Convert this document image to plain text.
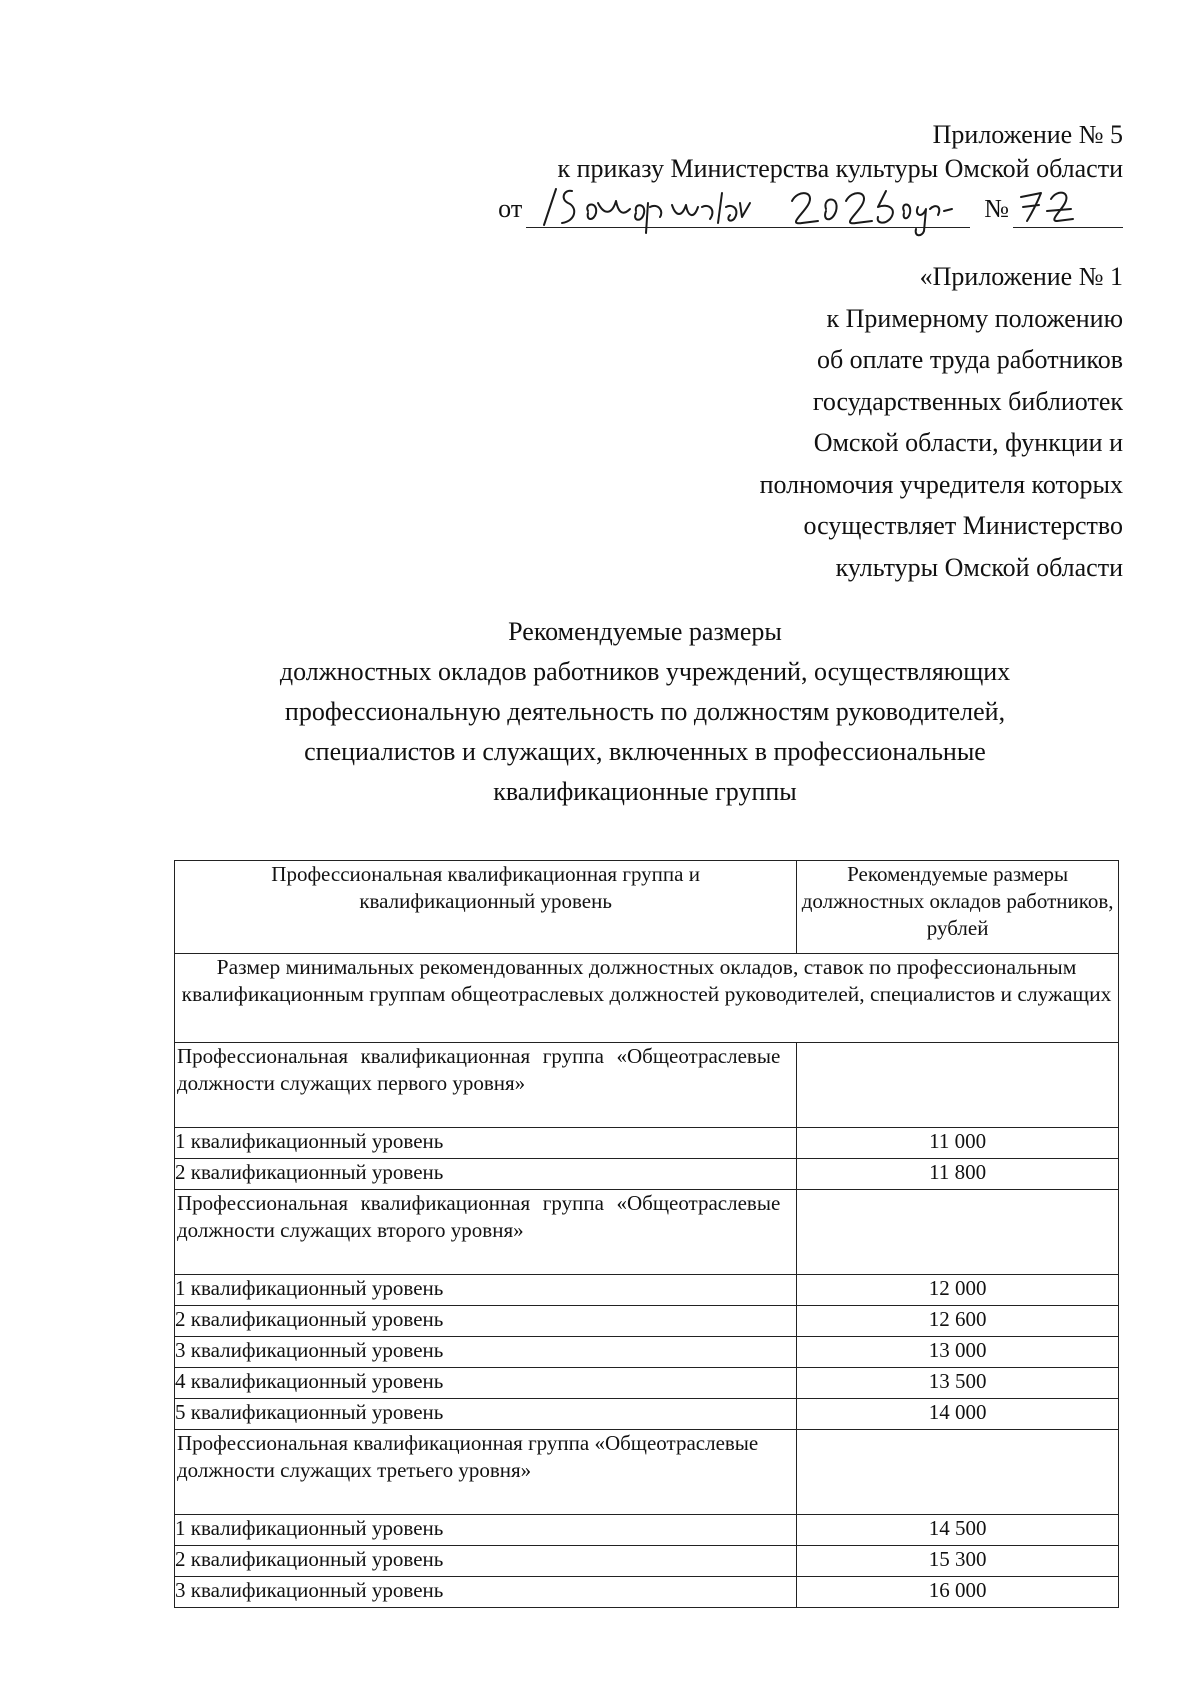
Приложение № 5
к приказу Министерства культуры Омской области
от	№
«Приложение № 1
к Примерному положению
об оплате труда работников
государственных библиотек
Омской области, функции и
полномочия учредителя которых
осуществляет Министерство
культуры Омской области
Рекомендуемые размеры
должностных окладов работников учреждений, осуществляющих
профессиональную деятельность по должностям руководителей,
специалистов и служащих, включенных в профессиональные
квалификационные группы
Профессиональная квалификационная группа и квалификационный уровень	Рекомендуемые размеры должностных окладов работников, рублей
Размер минимальных рекомендованных должностных окладов, ставок по профессиональным квалификационным группам общеотраслевых должностей руководителей, специалистов и служащих	
Профессиональная квалификационная группа «Общеотраслевые должности служащих первого уровня»	
1 квалификационный уровень	11 000
2 квалификационный уровень	11 800
Профессиональная квалификационная группа «Общеотраслевые должности служащих второго уровня»	
1 квалификационный уровень	12 000
2 квалификационный уровень	12 600
3 квалификационный уровень	13 000
4 квалификационный уровень	13 500
5 квалификационный уровень	14 000
Профессиональная квалификационная группа «Общеотраслевые должности служащих третьего уровня»	
1 квалификационный уровень	14 500
2 квалификационный уровень	15 300
3 квалификационный уровень	16 000
